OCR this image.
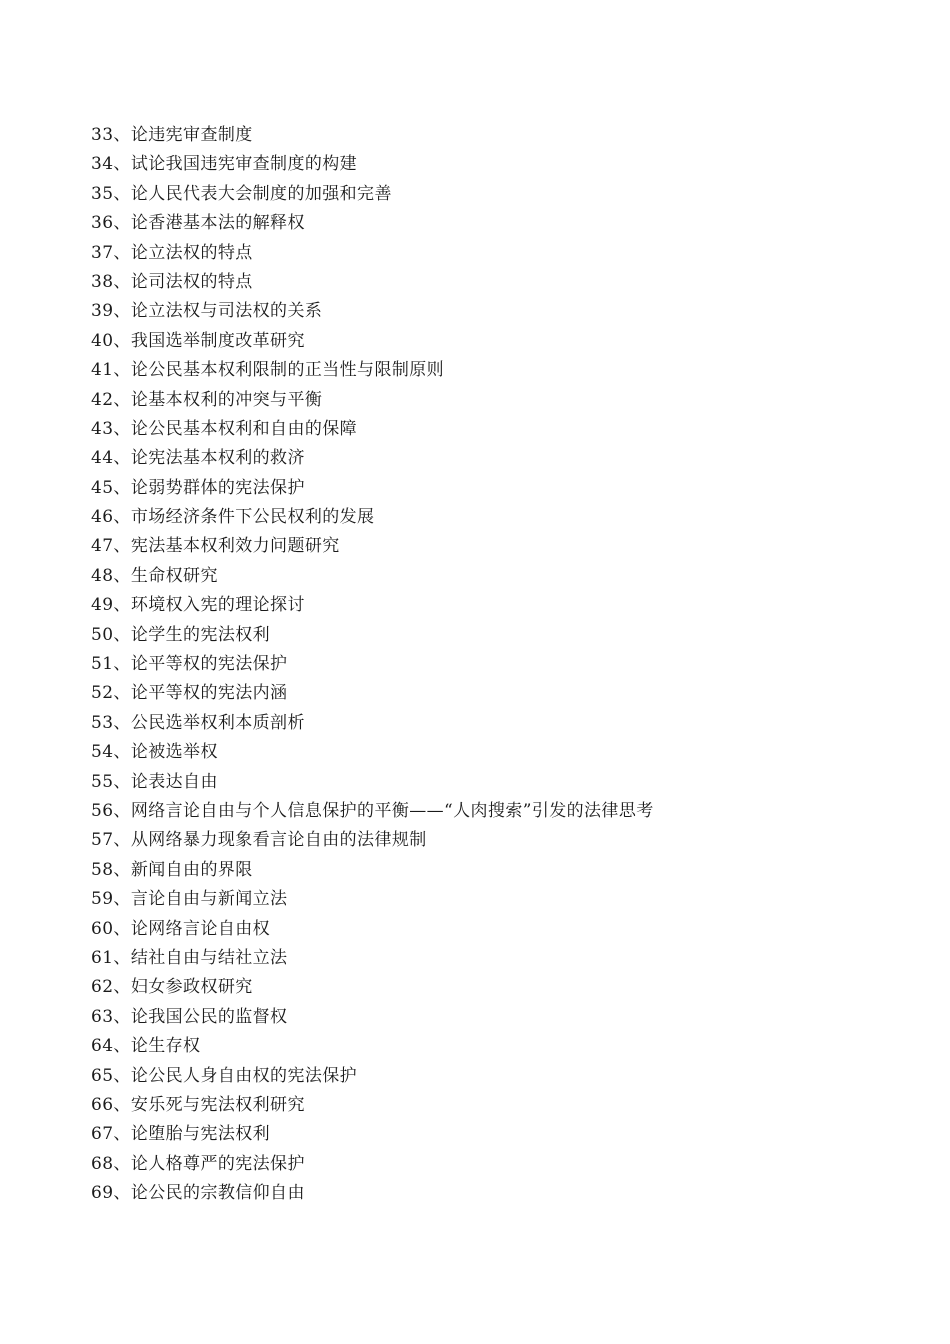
33、论违宪审查制度
34、试论我国违宪审查制度的构建
35、论人民代表大会制度的加强和完善
36、论香港基本法的解释权
37、论立法权的特点
38、论司法权的特点
39、论立法权与司法权的关系
40、我国选举制度改革研究
41、论公民基本权利限制的正当性与限制原则
42、论基本权利的冲突与平衡
43、论公民基本权利和自由的保障
44、论宪法基本权利的救济
45、论弱势群体的宪法保护
46、市场经济条件下公民权利的发展
47、宪法基本权利效力问题研究
48、生命权研究
49、环境权入宪的理论探讨
50、论学生的宪法权利
51、论平等权的宪法保护
52、论平等权的宪法内涵
53、公民选举权利本质剖析
54、论被选举权
55、论表达自由
56、网络言论自由与个人信息保护的平衡——“人肉搜索”引发的法律思考
57、从网络暴力现象看言论自由的法律规制
58、新闻自由的界限
59、言论自由与新闻立法
60、论网络言论自由权
61、结社自由与结社立法
62、妇女参政权研究
63、论我国公民的监督权
64、论生存权
65、论公民人身自由权的宪法保护
66、安乐死与宪法权利研究
67、论堕胎与宪法权利
68、论人格尊严的宪法保护
69、论公民的宗教信仰自由
